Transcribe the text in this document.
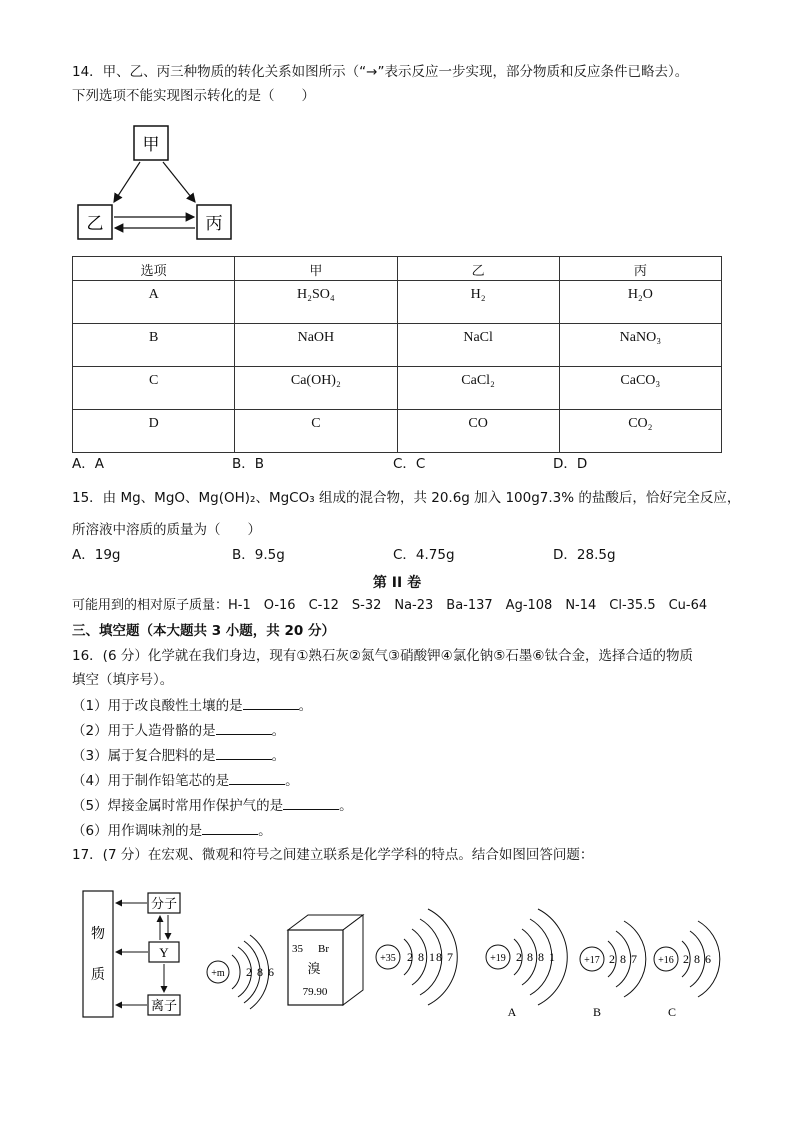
14．甲、乙、丙三种物质的转化关系如图所示（“→”表示反应一步实现，部分物质和反应条件已略去）。
下列选项不能实现图示转化的是（　　）
甲
乙	丙
选项	甲	乙	丙
A	H₂SO₄	H₂	H₂O
B	NaOH	NaCl	NaNO₃
C	Ca(OH)₂	CaCl₂	CaCO₃
D	C	CO	CO₂
A．A	B．B	C．C	D．D
15．由 Mg、MgO、Mg(OH)₂、MgCO₃ 组成的混合物，共 20.6g 加入 100g7.3% 的盐酸后，恰好完全反应，
所溶液中溶质的质量为（　　）
A．19g	B．9.5g	C．4.75g	D．28.5g
第 II 卷
可能用到的相对原子质量：H-1　O-16　C-12　S-32　Na-23　Ba-137　Ag-108　N-14　Cl-35.5　Cu-64
三、填空题（本大题共 3 小题，共 20 分）
16．(6 分）化学就在我们身边，现有①熟石灰②氮气③硝酸钾④氯化钠⑤石墨⑥钛合金，选择合适的物质
填空（填序号）。
（1）用于改良酸性土壤的是	。
（2）用于人造骨骼的是	。
（3）属于复合肥料的是	。
（4）用于制作铅笔芯的是	。
（5）焊接金属时常用作保护气的是	。
（6）用作调味剂的是	。
17．(7 分）在宏观、微观和符号之间建立联系是化学学科的特点。结合如图回答问题：
物
质
分子
Y
离子
+m 2 8 6
35 Br
溴
79.90
+35 2 8 18 7	+19 2 8 8 1
A
+17 2 8 7
B
+16 2 8 6
C
